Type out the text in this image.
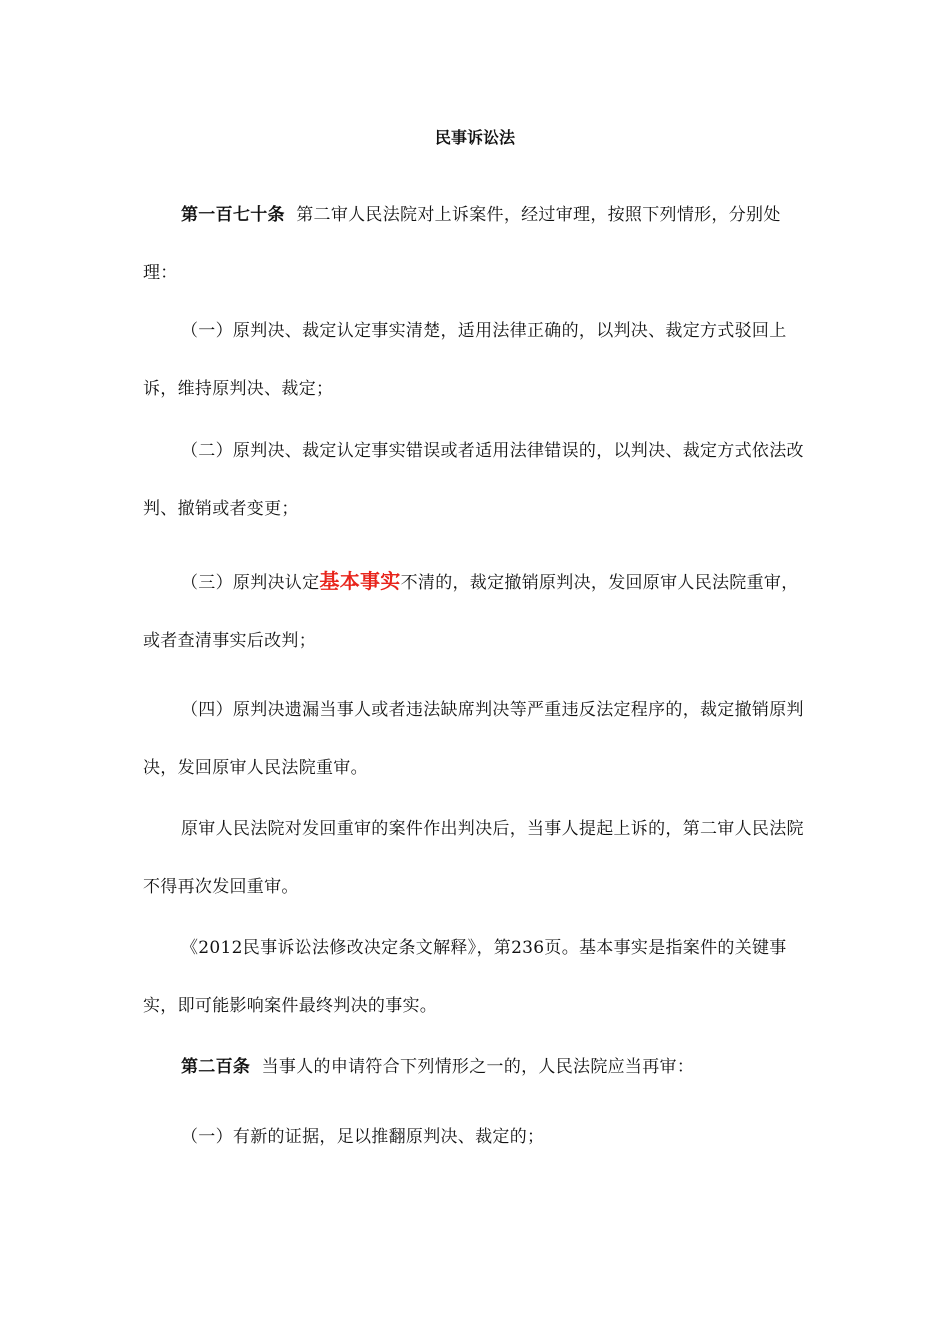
民事诉讼法

第一百七十条 第二审人民法院对上诉案件，经过审理，按照下列情形，分别处理：

（一）原判决、裁定认定事实清楚，适用法律正确的，以判决、裁定方式驳回上诉，维持原判决、裁定；

（二）原判决、裁定认定事实错误或者适用法律错误的，以判决、裁定方式依法改判、撤销或者变更；

（三）原判决认定基本事实不清的，裁定撤销原判决，发回原审人民法院重审，或者查清事实后改判；

（四）原判决遗漏当事人或者违法缺席判决等严重违反法定程序的，裁定撤销原判决，发回原审人民法院重审。

原审人民法院对发回重审的案件作出判决后，当事人提起上诉的，第二审人民法院不得再次发回重审。

《2012民事诉讼法修改决定条文解释》，第236页。基本事实是指案件的关键事实，即可能影响案件最终判决的事实。

第二百条 当事人的申请符合下列情形之一的，人民法院应当再审：

（一）有新的证据，足以推翻原判决、裁定的；
